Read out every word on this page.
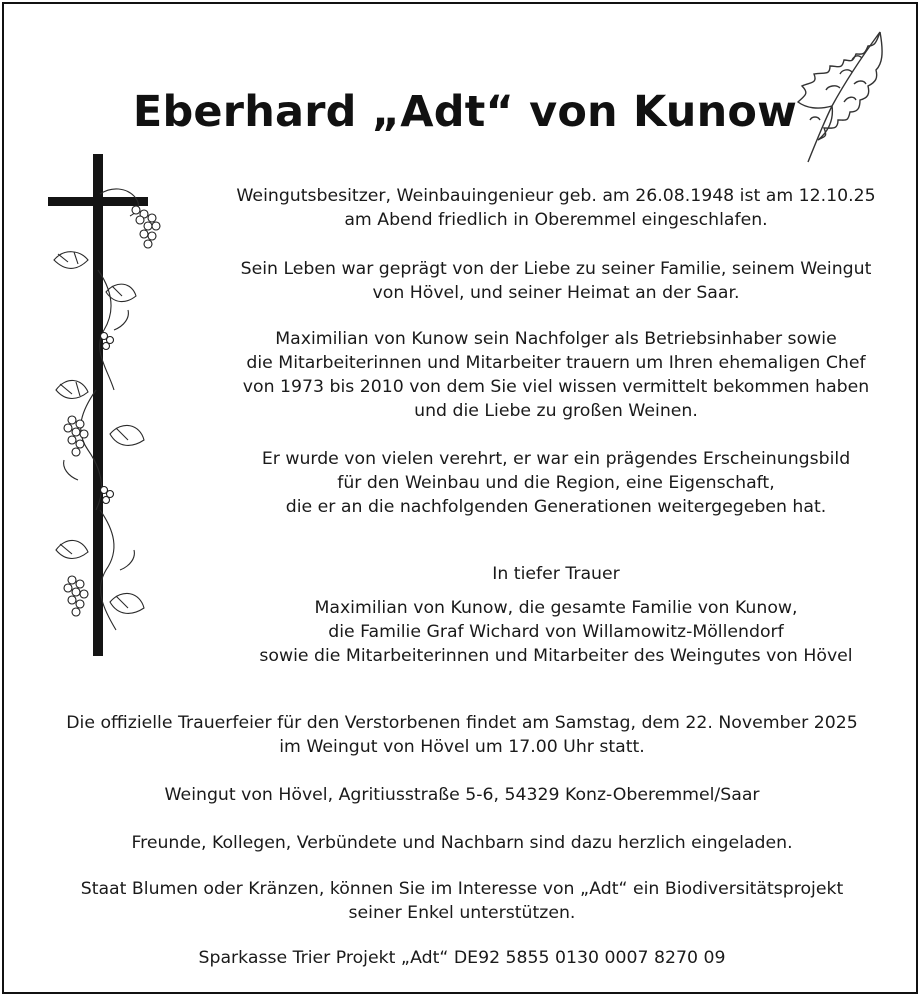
Eberhard „Adt“ von Kunow

Weingutsbesitzer, Weinbauingenieur geb. am 26.08.1948 ist am 12.10.25

am Abend friedlich in Oberemmel eingeschlafen.

Sein Leben war geprägt von der Liebe zu seiner Familie, seinem Weingut

von Hövel, und seiner Heimat an der Saar.

Maximilian von Kunow sein Nachfolger als Betriebsinhaber sowie

die Mitarbeiterinnen und Mitarbeiter trauern um Ihren ehemaligen Chef

von 1973 bis 2010 von dem Sie viel wissen vermittelt bekommen haben

und die Liebe zu großen Weinen.

Er wurde von vielen verehrt, er war ein prägendes Erscheinungsbild

für den Weinbau und die Region, eine Eigenschaft,

die er an die nachfolgenden Generationen weitergegeben hat.

In tiefer Trauer

Maximilian von Kunow, die gesamte Familie von Kunow,

die Familie Graf Wichard von Willamowitz-Möllendorf

sowie die Mitarbeiterinnen und Mitarbeiter des Weingutes von Hövel

Die offizielle Trauerfeier für den Verstorbenen findet am Samstag, dem 22. November 2025

im Weingut von Hövel um 17.00 Uhr statt.

Weingut von Hövel, Agritiusstraße 5-6, 54329 Konz-Oberemmel/Saar

Freunde, Kollegen, Verbündete und Nachbarn sind dazu herzlich eingeladen.

Staat Blumen oder Kränzen, können Sie im Interesse von „Adt“ ein Biodiversitätsprojekt

seiner Enkel unterstützen.

Sparkasse Trier Projekt „Adt“ DE92 5855 0130 0007 8270 09
